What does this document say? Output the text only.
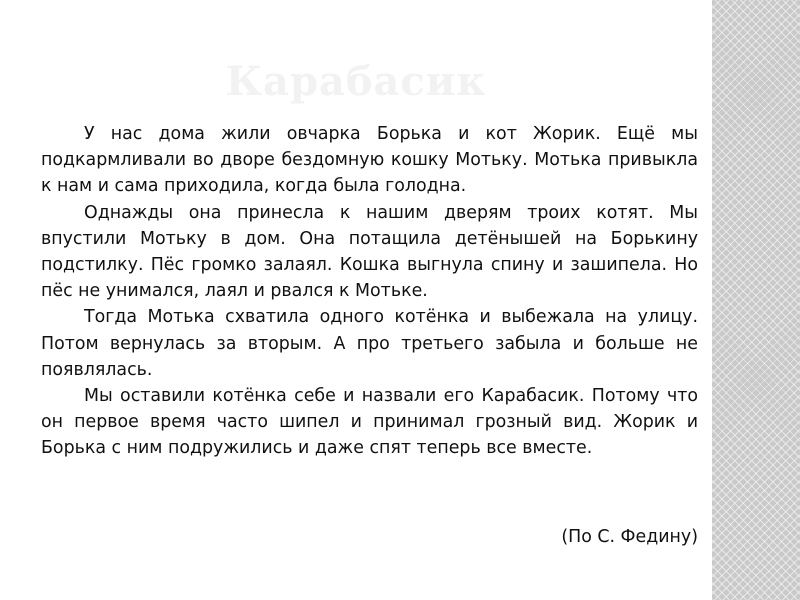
Карабасик

У нас дома жили овчарка Борька и кот Жорик. Ещё мы подкармливали во дворе бездомную кошку Мотьку. Мотька привыкла к нам и сама приходила, когда была голодна.

Однажды она принесла к нашим дверям троих котят. Мы впустили Мотьку в дом. Она потащила детёнышей на Борькину подстилку. Пёс громко залаял. Кошка выгнула спину и зашипела. Но пёс не унимался, лаял и рвался к Мотьке.

Тогда Мотька схватила одного котёнка и выбежала на улицу. Потом вернулась за вторым. А про третьего забыла и больше не появлялась.

Мы оставили котёнка себе и назвали его Карабасик. Потому что он первое время часто шипел и принимал грозный вид. Жорик и Борька с ним подружились и даже спят теперь все вместе.

(По С. Федину)
